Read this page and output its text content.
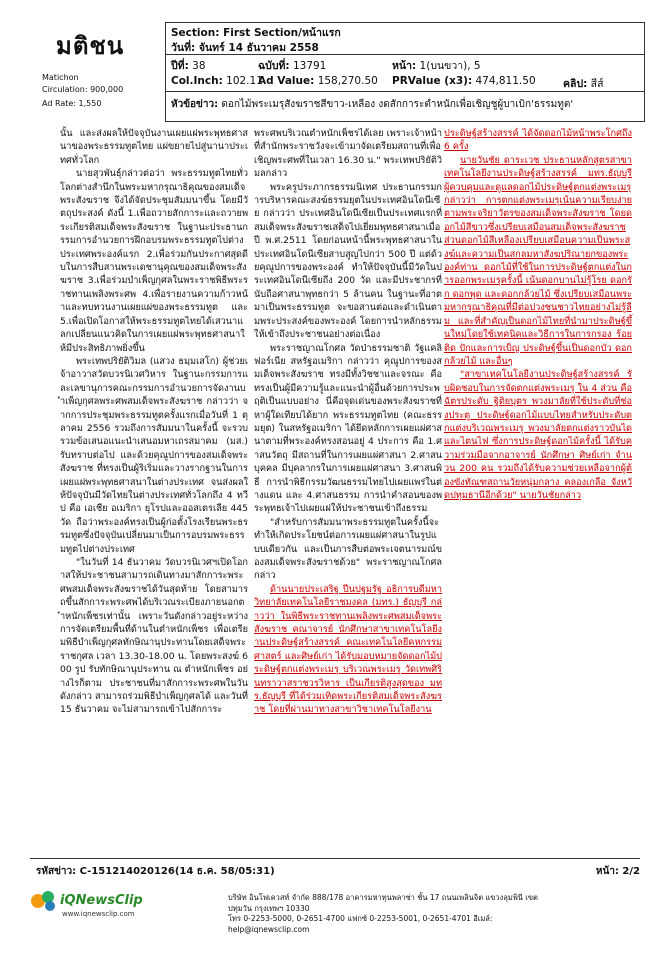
มติชน
Matichon
Circulation: 900,000
Ad Rate: 1,550
Section: First Section/หน้าแรก
วันที่: จันทร์ 14 ธันวาคม 2558
ปีที่: 38	ฉบับที่: 13791	หน้า: 1(บนขวา), 5
Col.Inch: 102.11
Ad Value: 158,270.50 PRValue (x3): 474,811.50	คลิป: สีส์
หัวข้อข่าว: ดอกไม้พระเมรุสังฆราชสีขาว-เหลือง งดสักการะตำหนักเพื่อเชิญชูผู้บาเบิก'ธรรมทูต'

นั้น และส่งผลให้ปัจจุบันงานเผยแผ่พระพุทธศาสนาของพระธรรมทูตไทย แผ่ขยายไปสู่นานาประเทศทั่วโลก

นายสุวพันธุ์กล่าวต่อว่า พระธรรมทูตไทยทั่วโลกต่างสำนึกในพระมหากรุณาธิคุณของสมเด็จพระสังฆราช จึงได้จัดประชุมสัมมนาขึ้น โดยมีวัตถุประสงค์ ดังนี้ 1.เพื่อถวายสักการะและถวายพระเกียรติสมเด็จพระสังฆราช ในฐานะประธานกรรมการอำนวยการฝึกอบรมพระธรรมทูตไปต่างประเทศพระองค์แรก 2.เพื่อร่วมกันประกาศสุดดีบในการสืบสานพระเดชานุคุณของสมเด็จพระสังฆราช 3.เพื่อร่วมบำเพ็ญกุศลในพระราชพิธีพระราชทานเพลิงพระศพ 4.เพื่อรายงานความก้าวหน้าและทบทวนงานเผยแผ่ของพระธรรมทูต และ 5.เพื่อเปิดโอกาสให้พระธรรมทูตไทยได้เสวนาแลกเปลี่ยนแนวคิดในการเผยแผ่พระพุทธศาสนาให้มีประสิทธิภาพยิ่งขึ้น

พระเทพปริยัติวิมล (แสวง ธมฺมเสโก) ผู้ช่วยเจ้าอาวาสวัดบวรนิเวศวิหาร ในฐานะกรรมการและเลขานุการคณะกรรมการอำนวยการจัดงานบำเพ็ญกุศลพระศพสมเด็จพระสังฆราช กล่าวว่า จากการประชุมพระธรรมทูตครั้งแรกเมื่อวันที่ 1 ตุลาคม 2556 รวมถึงการสัมมนาในครั้งนี้ จะรวบรวมข้อเสนอแนะนำเสนอมหาเถรสมาคม (มส.) รับทราบต่อไป และด้วยคุณูปการของสมเด็จพระสังฆราช ที่ทรงเป็นผู้ริเริ่มและวางรากฐานในการเผยแผ่พระพุทธศาสนาในต่างประเทศ จนส่งผลให้ปัจจุบันมีวัดไทยในต่างประเทศทั่วโลกถึง 4 ทวีป คือ เอเชีย อเมริกา ยุโรปและออสเตรเลีย 445 วัด ถือว่าพระองค์ทรงเป็นผู้ก่อตั้งโรงเรียนพระธรรมทูตซึ่งปัจจุบันเปลี่ยนมาเป็นการอบรมพระธรรมทูตไปต่างประเทศ

"ในวันที่ 14 ธันวาคม วัดบวรนิเวศฯเปิดโอกาสให้ประชาชนสามารถเดินทางมาสักการะพระศพสมเด็จพระสังฆราชได้วันสุดท้าย โดยสามารถขึ้นสักการะพระศพได้บริเวณระเบียงภายนอกตำหนักเพ็ชรเท่านั้น เพราะวันดังกล่าวอยู่ระหว่างการจัดเตรียมพื้นที่ด้านในตำหนักเพ็ชร เพื่อเตรียมพิธีบำเพ็ญกุศลทักษิณานุประทานโดยเสด็จพระราชกุศล เวลา 13.30-18.00 น. โดยพระสงฆ์ 600 รูป รับทักษิณานุประทาน ณ ตำหนักเพ็ชร อย่างไรก็ตาม ประชาชนที่มาสักการะพระศพในวันดังกล่าว สามารถร่วมพิธีบำเพ็ญกุศลได้ และวันที่ 15 ธันวาคม จะไม่สามารถเข้าไปสักการะ

พระศพบริเวณตำหนักเพ็ชรได้เลย เพราะเจ้าหน้าที่สำนักพระราชวังจะเข้ามาจัดเตรียมสถานที่เพื่อเชิญพระศพที่ในเวลา 16.30 น." พระเทพปริยัติวิมลกล่าว

พระครูประภากรธรรมนิเทศ ประธานกรรมการบริหารคณะสงฆ์ธรรมยุตในประเทศอินโดนีเซีย กล่าวว่า ประเทศอินโดนีเซียเป็นประเทศแรกที่สมเด็จพระสังฆราชเสด็จไปเยี่ยมพุทธศาสนาเมื่อปี พ.ศ.2511 โดยก่อนหน้านี้พระพุทธศาสนาในประเทศอินโดนีเซียสาบสูญไปกว่า 500 ปี แต่ด้วยคุณูปการของพระองค์ ทำให้ปัจจุบันนี้มีวัดในประเทศอินโดนีเซียถึง 200 วัด และมีประชากรที่นับถือศาสนาพุทธกว่า 5 ล้านคน ในฐานะที่อาตมาเป็นพระธรรมทูต จะขอสานต่อและดำเนินตามพระประสงค์ของพระองค์ โดยการนำหลักธรรมให้เข้าถึงประชาชนอย่างต่อเนื่อง

พระราชญาณโกศล วัดป่าธรรมชาติ วัฐแคลิฟอร์เนีย สหรัฐอเมริกา กล่าวว่า คุณูปการของสมเด็จพระสังฆราช ทรงมีทั้งวิชชาและจรณะ คือทรงเป็นผู้มีความรู้และแนะนำผู้อื่นด้วยการประพฤติเป็นแบบอย่าง นี่คือจุดเด่นของพระสังฆราชที่หาผู้ใดเทียบได้ยาก พระธรรมทูตไทย (คณะธรรมยุต) ในสหรัฐอเมริกา ได้ยึดหลักการเผยแผ่ศาสนาตามที่พระองค์ทรงสอนอยู่ 4 ประการ คือ 1.ศาสนวัตถุ มีสถานที่ในการเผยแผ่ศาสนา 2.ศาสนบุคคล มีบุคลากรในการเผยแผ่ศาสนา 3.ศาสนพิธี การนำพิธีกรรมวัฒนธรรมไทยไปเผยแพร่ในต่างแดน และ 4.ศาสนธรรม การนำคำสอนของพระพุทธเจ้าไปเผยแผ่ให้ประชาชนเข้าถึงธรรม

"สำหรับการสัมมนาพระธรรมทูตในครั้งนี้จะทำให้เกิดประโยชน์ต่อการเผยแผ่ศาสนาในรูปแบบเดียวกัน และเป็นการสืบต่อพระเจตนารมณ์ของสมเด็จพระสังฆราชด้วย" พระราชญาณโกศลกล่าว

ด้านนายประเสริฐ ปีนปฐมรัฐ อธิการบดีมหาวิทยาลัยเทคโนโลยีราชมงคล (มทร.) ธัญบุรี กล่าวว่า ในพิธีพระราชทานเพลิงพระศพสมเด็จพระสังฆราช คณาจารย์ นักศึกษาสาขาเทคโนโลยีงานประดิษฐ์สร้างสรรค์ คณะเทคโนโลยีคหกรรมศาสตร์ และศิษย์เก่า ได้รับมอบหมายจัดดอกไม้ประดิษฐ์ตกแต่งพระเมรุ บริเวณพระเมรุ วัดเทพศิรินทราวาสราชวรวิหาร เป็นเกียรติสูงสุดของ มทร.ธัญบุรี ที่ได้ร่วมเทิดพระเกียรติสมเด็จพระสังฆราช โดยที่ผ่านมาทางสาขาวิชาเทคโนโลยีงาน

ประดิษฐ์สร้างสรรค์ ได้จัดดอกไม้หน้าพระโกศถึง 6 ครั้ง

นายวันชัย ดาระเวช ประธานหลักสูตรสาขาเทคโนโลยีงานประดิษฐ์สร้างสรรค์ มทร.ธัญบุรี ผู้ควบคุมและดูแลดอกไม้ประดิษฐ์ตกแต่งพระเมรุ กล่าวว่า การตกแต่งพระเมรุเน้นความเรียบง่าย ตามพระจริยาวัตรของสมเด็จพระสังฆราช โดยดอกไม้สีขาวซึ่งเปรียบเสมือนสมเด็จพระสังฆราช ส่วนดอกไม้สีเหลืองเปรียบเสมือนความเป็นพระสงฆ์และความเป็นสกลมหาสังฆปริณายกของพระองค์ท่าน ดอกไม้ที่ใช้ในการประดิษฐ์ตกแต่งในการออกพระเมรุครั้งนี้ เน้นดอกบานไม่รู้โรย ดอกรัก ดอกพุด และดอกกล้วยไม้ ซึ่งเปรียบเสมือนพระมหากรุณาธิคุณที่มีต่อปวงชนชาวไทยอย่างไม่รู้ลืม และที่สำคัญเป็นดอกไม้ไทยที่นำมาประดิษฐ์ขึ้นใหม่โดยใช้เทคนิคและวิธีการในการกรอง ร้อย ติด ปักและการเบ็ญ ประดิษฐ์ขึ้นเป็นดอกบัว ดอกกล้วยไม้ และอื่นๆ

"สาขาเทคโนโลยีงานประดิษฐ์สร้างสรรค์ รับผิดชอบในการจัดตกแต่งพระเมรุ ใน 4 ส่วน คือ ฉัตรประดับ ฐิติยบุตร พวงมาลัยที่ใช้ประดับที่ช่องประตู ประดิษฐ์ดอกไม้แบบไทยสำหรับประดับตกแต่งบริเวณพระเมรุ พวงมาลัยตกแต่งราวบันได และไตนไฟ ซึ่งการประดิษฐ์ดอกไม้ครั้งนี้ ได้รับความร่วมมือจากอาจารย์ นักศึกษา ศิษย์เก่า จำนวน 200 คน รวมถึงได้รับความช่วยเหลือจากผู้ต้องขังทัณฑสถานวัยหนุ่มกลาง คลองเกลือ จังหวัดปทุมธานีอีกด้วย" นายวันชัยกล่าว

รหัสข่าว: C-151214020126(14 ธ.ค. 58/05:31)	หน้า: 2/2
iQNewsClip
www.iqnewsclip.com
บริษัท อินโฟเควสท์ จำกัด 888/178 อาคารมหาทุนพลาซ่า ชั้น 17 ถนนเพลินจิต แขวงลุมพินี เขตปทุมวัน กรุงเทพฯ 10330
โทร 0-2253-5000, 0-2651-4700 แฟกซ์ 0-2253-5001, 0-2651-4701 อีเมล์: help@iqnewsclip.com
